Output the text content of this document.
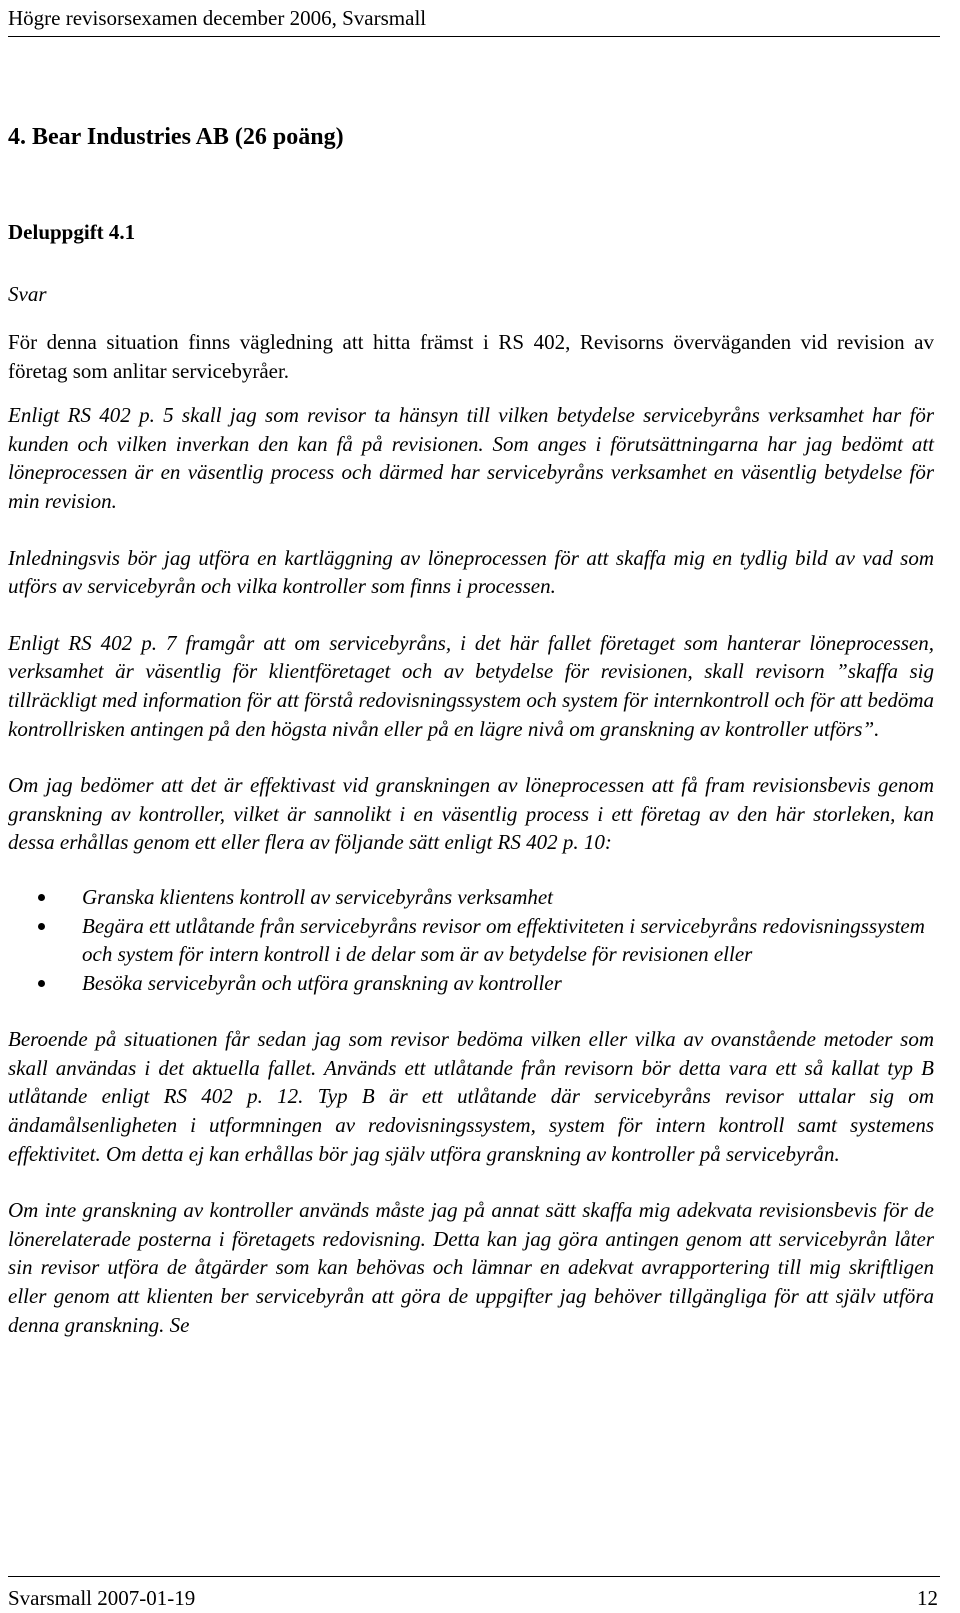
Högre revisorsexamen december 2006, Svarsmall
4. Bear Industries AB (26 poäng)
Deluppgift 4.1
Svar

För denna situation finns vägledning att hitta främst i RS 402, Revisorns överväganden vid revision av företag som anlitar servicebyråer.

Enligt RS 402 p. 5 skall jag som revisor ta hänsyn till vilken betydelse servicebyråns verksamhet har för kunden och vilken inverkan den kan få på revisionen. Som anges i förutsättningarna har jag bedömt att löneprocessen är en väsentlig process och därmed har servicebyråns verksamhet en väsentlig betydelse för min revision.

Inledningsvis bör jag utföra en kartläggning av löneprocessen för att skaffa mig en tydlig bild av vad som utförs av servicebyrån och vilka kontroller som finns i processen.

Enligt RS 402 p. 7 framgår att om servicebyråns, i det här fallet företaget som hanterar löneprocessen, verksamhet är väsentlig för klientföretaget och av betydelse för revisionen, skall revisorn ”skaffa sig tillräckligt med information för att förstå redovisningssystem och system för internkontroll och för att bedöma kontrollrisken antingen på den högsta nivån eller på en lägre nivå om granskning av kontroller utförs”.

Om jag bedömer att det är effektivast vid granskningen av löneprocessen att få fram revisionsbevis genom granskning av kontroller, vilket är sannolikt i en väsentlig process i ett företag av den här storleken, kan dessa erhållas genom ett eller flera av följande sätt enligt RS 402 p. 10:

Granska klientens kontroll av servicebyråns verksamhet
Begära ett utlåtande från servicebyråns revisor om effektiviteten i servicebyråns redovisningssystem och system för intern kontroll i de delar som är av betydelse för revisionen eller
Besöka servicebyrån och utföra granskning av kontroller

Beroende på situationen får sedan jag som revisor bedöma vilken eller vilka av ovanstående metoder som skall användas i det aktuella fallet. Används ett utlåtande från revisorn bör detta vara ett så kallat typ B utlåtande enligt RS 402 p. 12. Typ B är ett utlåtande där servicebyråns revisor uttalar sig om ändamålsenligheten i utformningen av redovisningssystem, system för intern kontroll samt systemens effektivitet. Om detta ej kan erhållas bör jag själv utföra granskning av kontroller på servicebyrån.

Om inte granskning av kontroller används måste jag på annat sätt skaffa mig adekvata revisionsbevis för de lönerelaterade posterna i företagets redovisning. Detta kan jag göra antingen genom att servicebyrån låter sin revisor utföra de åtgärder som kan behövas och lämnar en adekvat avrapportering till mig skriftligen eller genom att klienten ber servicebyrån att göra de uppgifter jag behöver tillgängliga för att själv utföra denna granskning. Se

Svarsmall 2007-01-19	12
